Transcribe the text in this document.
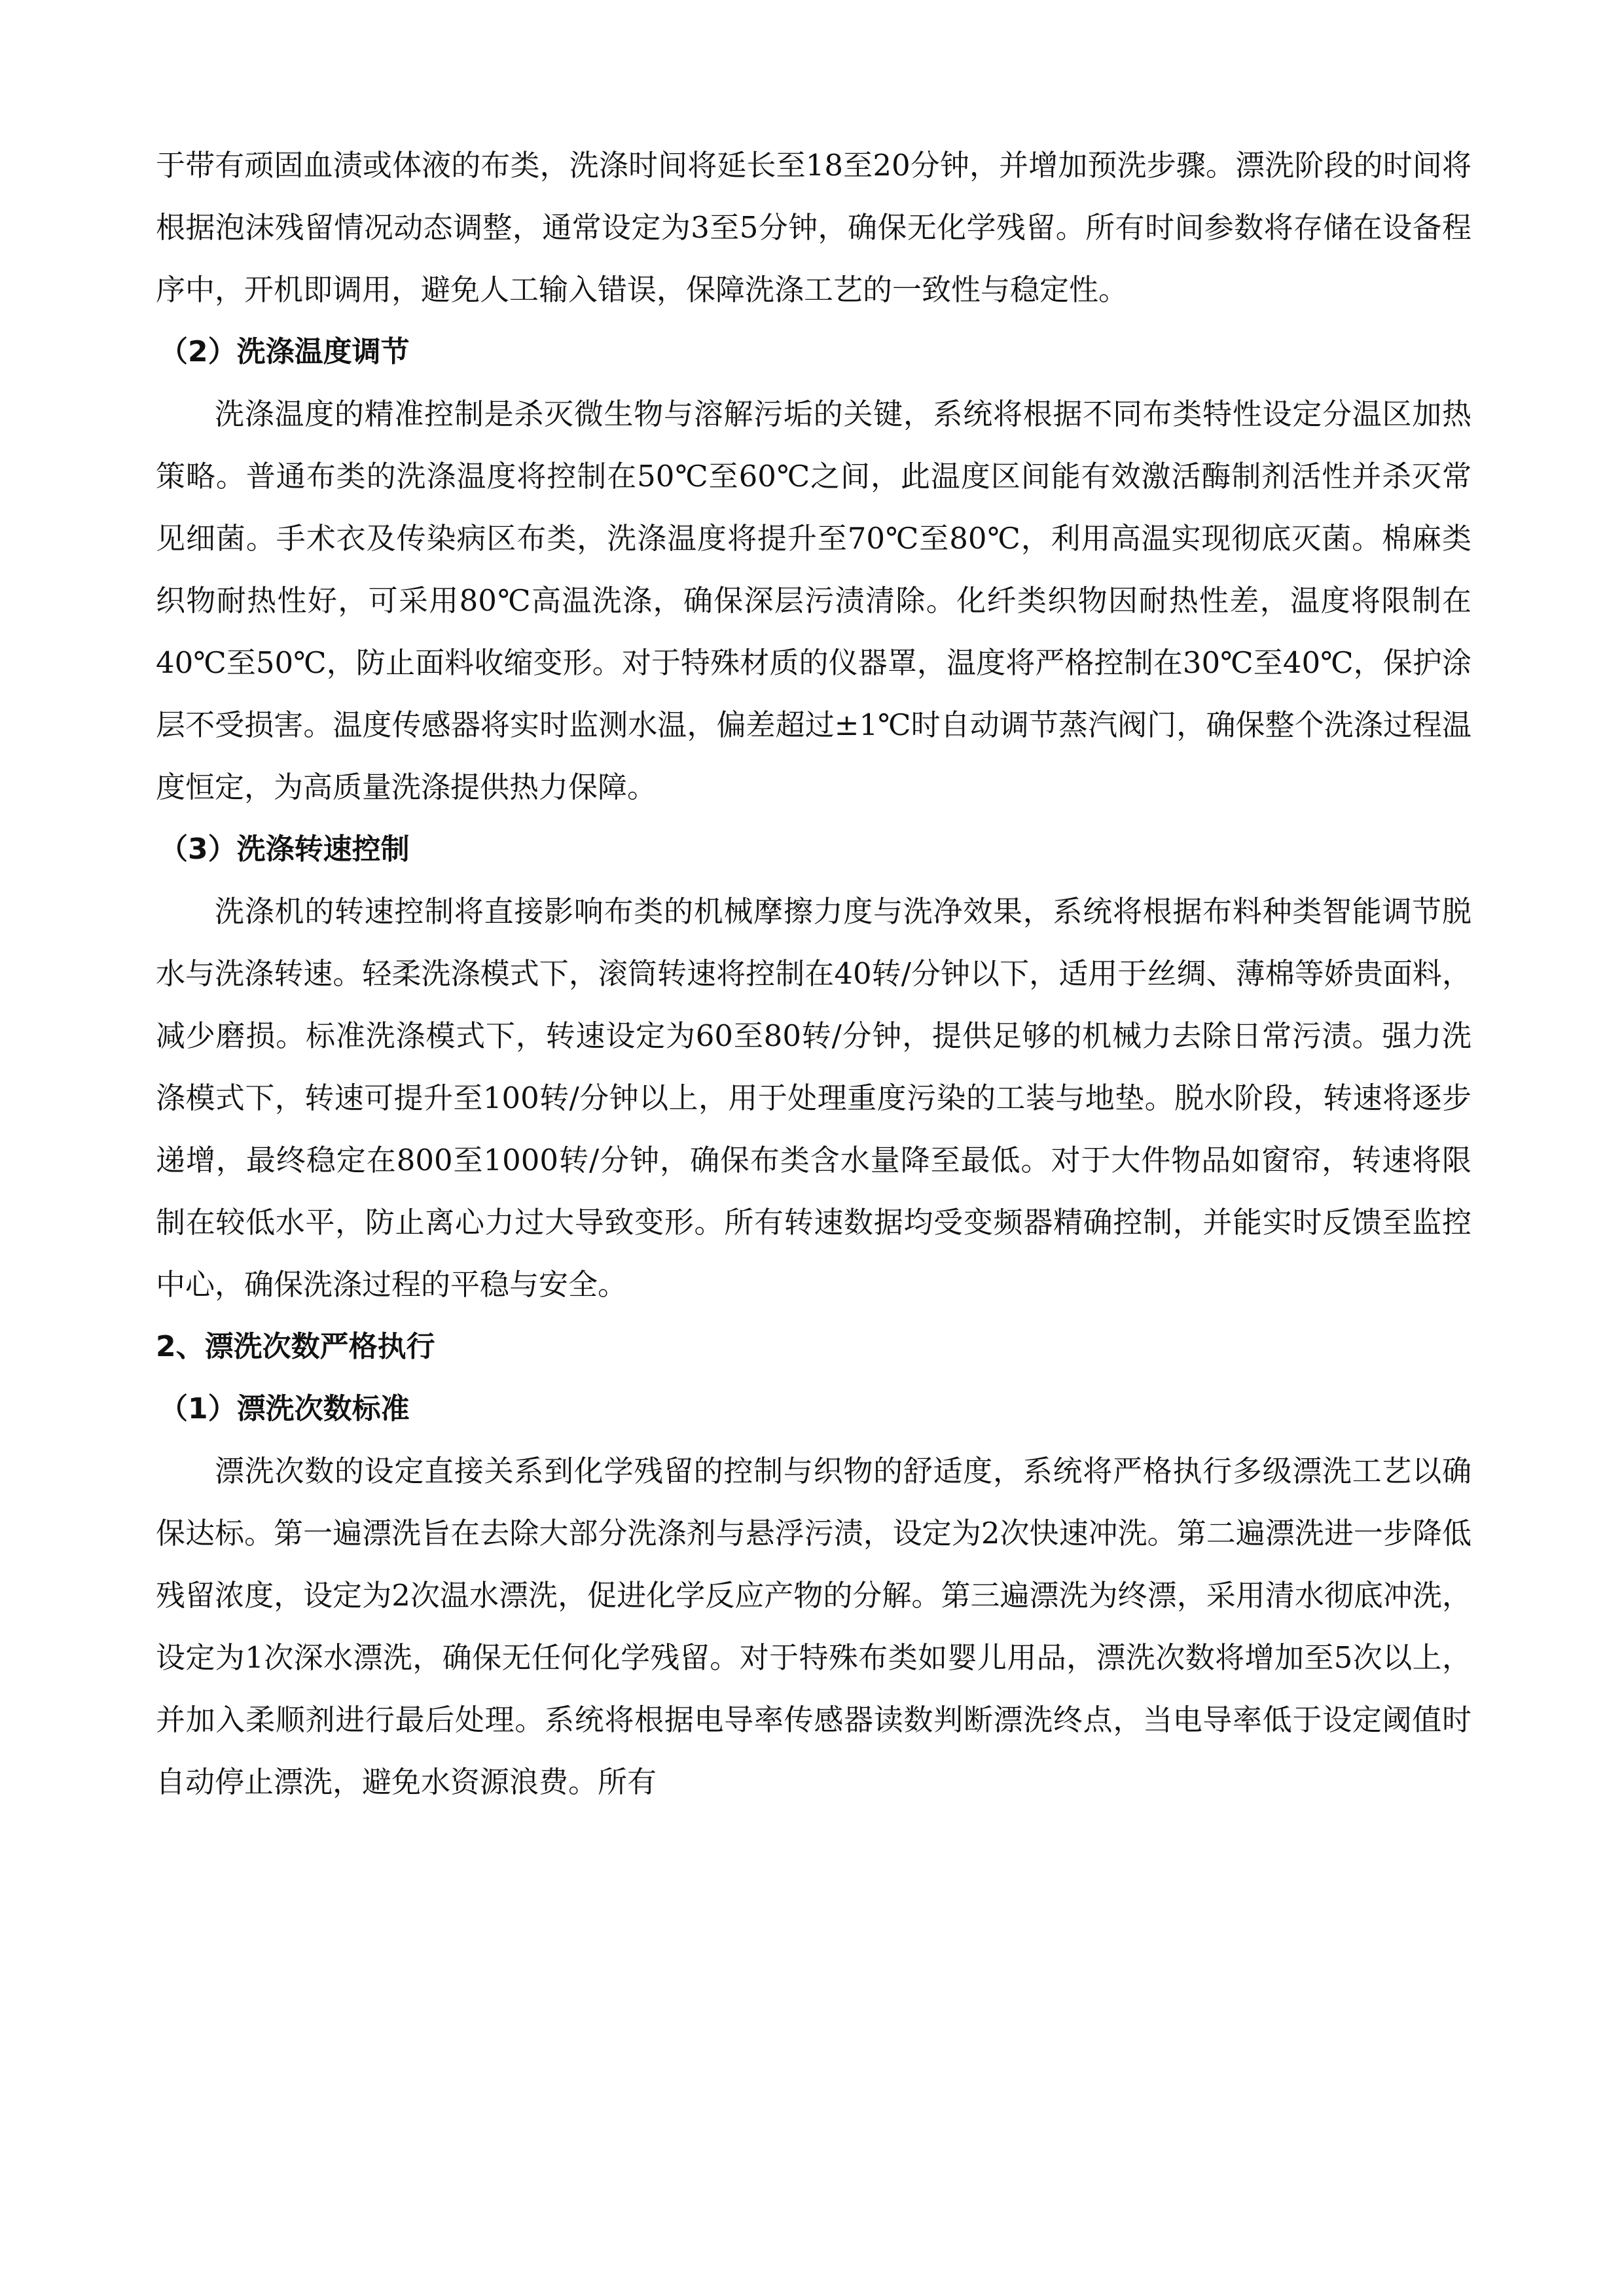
于带有顽固血渍或体液的布类，洗涤时间将延长至18至20分钟，并增加预洗步骤。漂洗阶段的时间将根据泡沫残留情况动态调整，通常设定为3至5分钟，确保无化学残留。所有时间参数将存储在设备程序中，开机即调用，避免人工输入错误，保障洗涤工艺的一致性与稳定性。

（2）洗涤温度调节

洗涤温度的精准控制是杀灭微生物与溶解污垢的关键，系统将根据不同布类特性设定分温区加热策略。普通布类的洗涤温度将控制在50℃至60℃之间，此温度区间能有效激活酶制剂活性并杀灭常见细菌。手术衣及传染病区布类，洗涤温度将提升至70℃至80℃，利用高温实现彻底灭菌。棉麻类织物耐热性好，可采用80℃高温洗涤，确保深层污渍清除。化纤类织物因耐热性差，温度将限制在40℃至50℃，防止面料收缩变形。对于特殊材质的仪器罩，温度将严格控制在30℃至40℃，保护涂层不受损害。温度传感器将实时监测水温，偏差超过±1℃时自动调节蒸汽阀门，确保整个洗涤过程温度恒定，为高质量洗涤提供热力保障。

（3）洗涤转速控制

洗涤机的转速控制将直接影响布类的机械摩擦力度与洗净效果，系统将根据布料种类智能调节脱水与洗涤转速。轻柔洗涤模式下，滚筒转速将控制在40转/分钟以下，适用于丝绸、薄棉等娇贵面料，减少磨损。标准洗涤模式下，转速设定为60至80转/分钟，提供足够的机械力去除日常污渍。强力洗涤模式下，转速可提升至100转/分钟以上，用于处理重度污染的工装与地垫。脱水阶段，转速将逐步递增，最终稳定在800至1000转/分钟，确保布类含水量降至最低。对于大件物品如窗帘，转速将限制在较低水平，防止离心力过大导致变形。所有转速数据均受变频器精确控制，并能实时反馈至监控中心，确保洗涤过程的平稳与安全。

2、漂洗次数严格执行

（1）漂洗次数标准

漂洗次数的设定直接关系到化学残留的控制与织物的舒适度，系统将严格执行多级漂洗工艺以确保达标。第一遍漂洗旨在去除大部分洗涤剂与悬浮污渍，设定为2次快速冲洗。第二遍漂洗进一步降低残留浓度，设定为2次温水漂洗，促进化学反应产物的分解。第三遍漂洗为终漂，采用清水彻底冲洗，设定为1次深水漂洗，确保无任何化学残留。对于特殊布类如婴儿用品，漂洗次数将增加至5次以上，并加入柔顺剂进行最后处理。系统将根据电导率传感器读数判断漂洗终点，当电导率低于设定阈值时自动停止漂洗，避免水资源浪费。所有
